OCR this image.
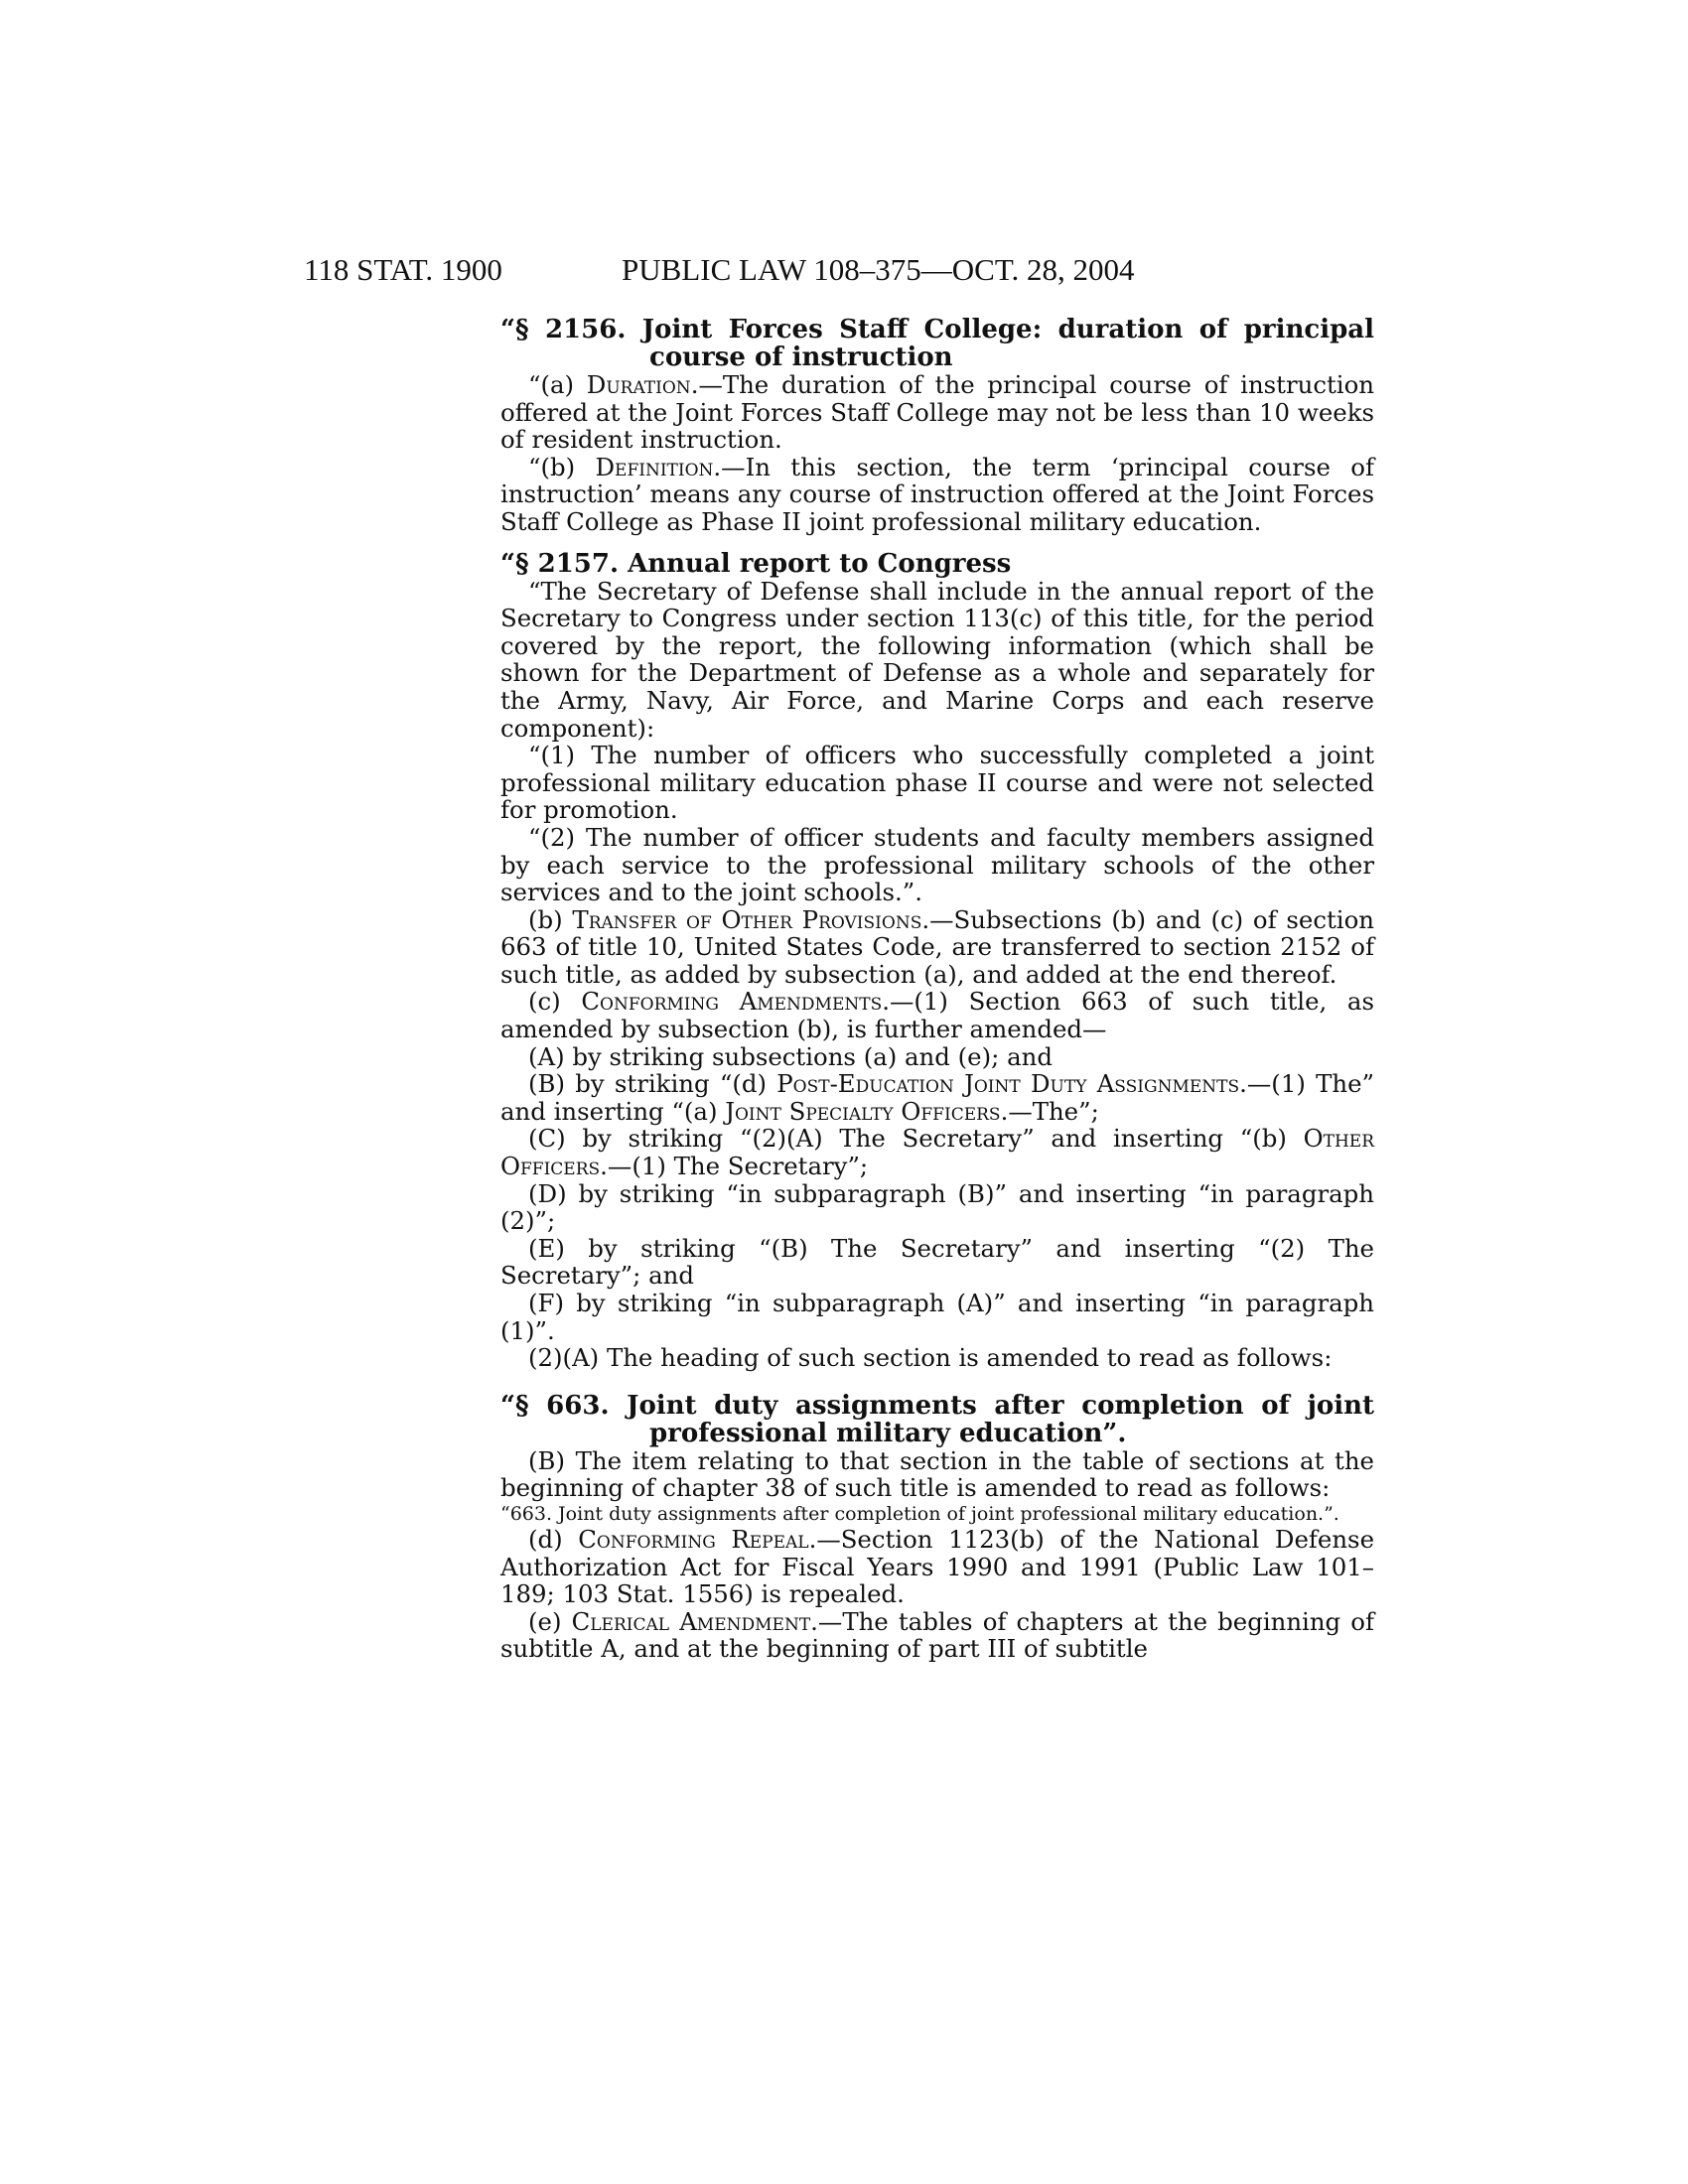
118 STAT. 1900	PUBLIC LAW 108–375—OCT. 28, 2004

“§ 2156. Joint Forces Staff College: duration of principal course of instruction

“(a) Duration.—The duration of the principal course of instruction offered at the Joint Forces Staff College may not be less than 10 weeks of resident instruction.

“(b) Definition.—In this section, the term ‘principal course of instruction’ means any course of instruction offered at the Joint Forces Staff College as Phase II joint professional military education.

“§ 2157. Annual report to Congress

“The Secretary of Defense shall include in the annual report of the Secretary to Congress under section 113(c) of this title, for the period covered by the report, the following information (which shall be shown for the Department of Defense as a whole and separately for the Army, Navy, Air Force, and Marine Corps and each reserve component):

“(1) The number of officers who successfully completed a joint professional military education phase II course and were not selected for promotion.

“(2) The number of officer students and faculty members assigned by each service to the professional military schools of the other services and to the joint schools.”.

(b) Transfer of Other Provisions.—Subsections (b) and (c) of section 663 of title 10, United States Code, are transferred to section 2152 of such title, as added by subsection (a), and added at the end thereof.

(c) Conforming Amendments.—(1) Section 663 of such title, as amended by subsection (b), is further amended—

(A) by striking subsections (a) and (e); and

(B) by striking “(d) Post-Education Joint Duty Assignments.—(1) The” and inserting “(a) Joint Specialty Officers.—The”;

(C) by striking “(2)(A) The Secretary” and inserting “(b) Other Officers.—(1) The Secretary”;

(D) by striking “in subparagraph (B)” and inserting “in paragraph (2)”;

(E) by striking “(B) The Secretary” and inserting “(2) The Secretary”; and

(F) by striking “in subparagraph (A)” and inserting “in paragraph (1)”.

(2)(A) The heading of such section is amended to read as follows:

“§ 663. Joint duty assignments after completion of joint professional military education”.

(B) The item relating to that section in the table of sections at the beginning of chapter 38 of such title is amended to read as follows:

“663. Joint duty assignments after completion of joint professional military education.”.

(d) Conforming Repeal.—Section 1123(b) of the National Defense Authorization Act for Fiscal Years 1990 and 1991 (Public Law 101–189; 103 Stat. 1556) is repealed.

(e) Clerical Amendment.—The tables of chapters at the beginning of subtitle A, and at the beginning of part III of subtitle
